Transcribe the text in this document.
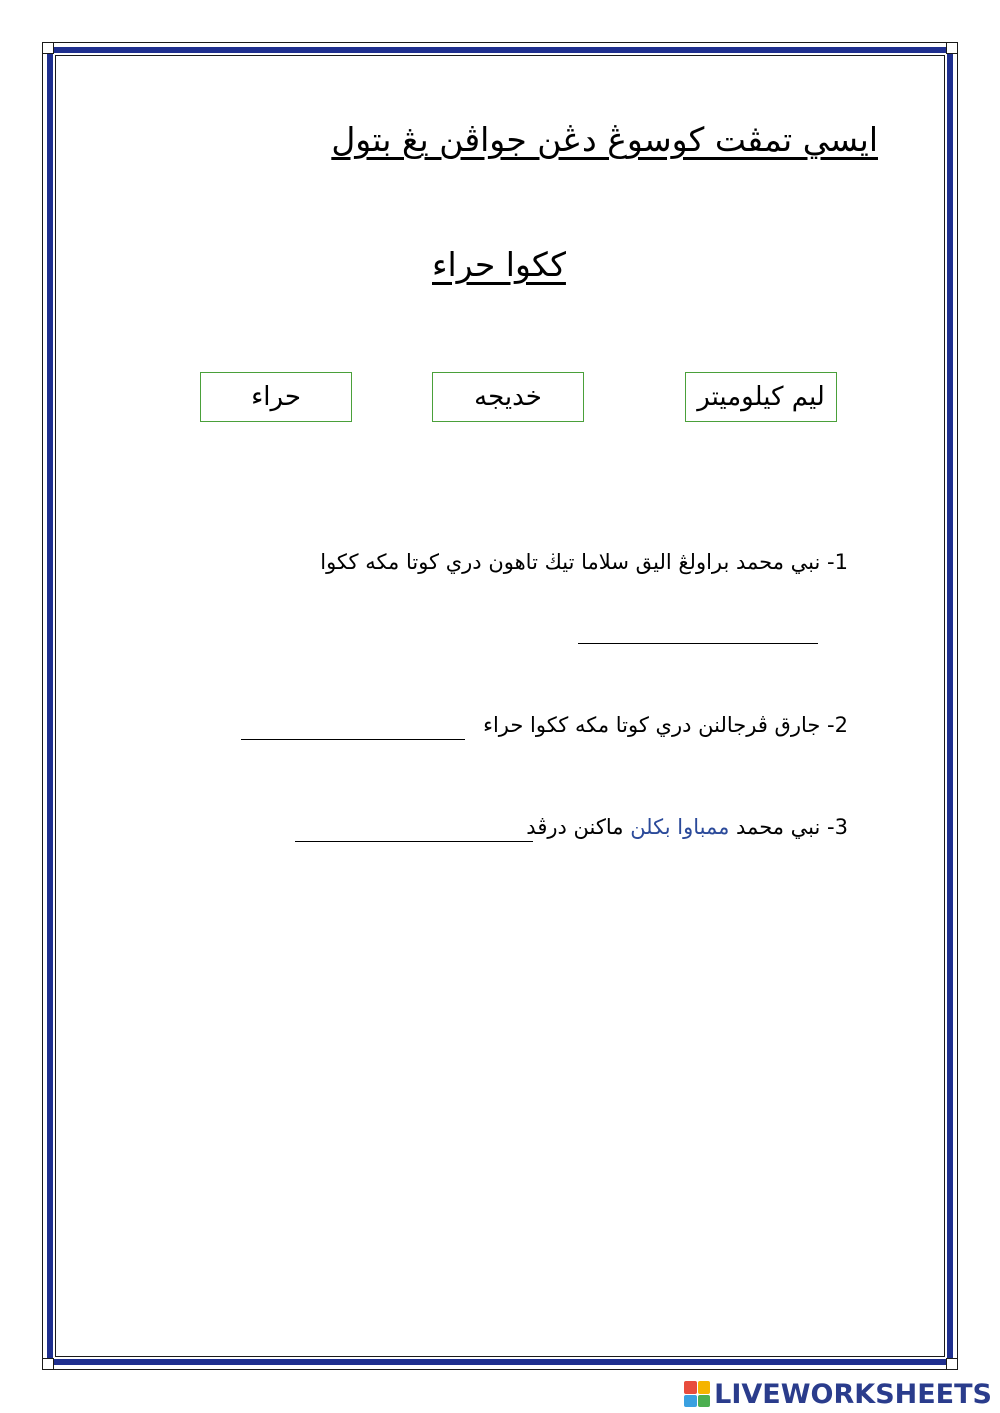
ايسي تمڤت كوسوڠ دڠن جواڤن يڠ بتول
ككوا حراء
ليم كيلوميتر
خديجه
حراء
1- نبي محمد براولڠ اليق سلاما تيڬ تاهون دري كوتا مكه ككوا
2- جارق ڤرجالنن دري كوتا مكه ككوا حراء
3- نبي محمد ممباوا بكلن ماكنن درڤد
LIVEWORKSHEETS
